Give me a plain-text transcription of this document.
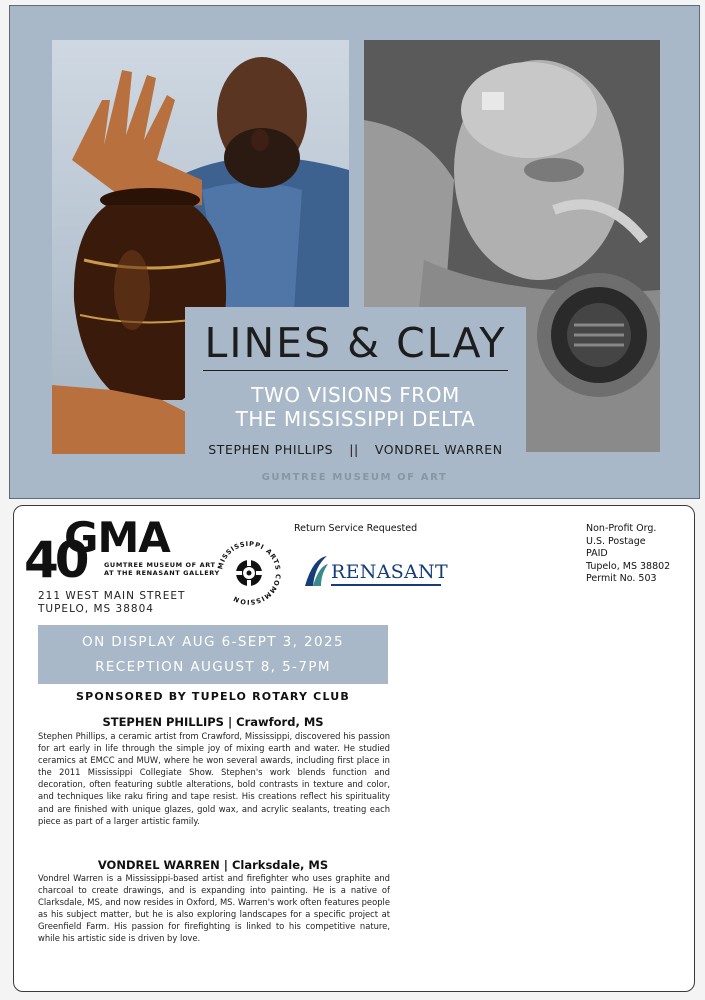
LINES & CLAY
TWO VISIONS FROM
THE MISSISSIPPI DELTA
STEPHEN PHILLIPS || VONDREL WARREN
GUMTREE MUSEUM OF ART
40
GMA
GUMTREE MUSEUM OF ART
AT THE RENASANT GALLERY
211 WEST MAIN STREET
TUPELO, MS 38804
Return Service Requested
MISSISSIPPI ARTS COMMISSION
RENASANT
Non-Profit Org.
U.S. Postage
PAID
Tupelo, MS 38802
Permit No. 503
ON DISPLAY AUG 6-SEPT 3, 2025
RECEPTION AUGUST 8, 5-7PM
SPONSORED BY TUPELO ROTARY CLUB
STEPHEN PHILLIPS | Crawford, MS
Stephen Phillips, a ceramic artist from Crawford, Mississippi, discovered his passion for art early in life through the simple joy of mixing earth and water. He studied ceramics at EMCC and MUW, where he won several awards, including first place in the 2011 Mississippi Collegiate Show. Stephen's work blends function and decoration, often featuring subtle alterations, bold contrasts in texture and color, and techniques like raku firing and tape resist. His creations reflect his spirituality and are finished with unique glazes, gold wax, and acrylic sealants, treating each piece as part of a larger artistic family.
VONDREL WARREN | Clarksdale, MS
Vondrel Warren is a Mississippi-based artist and firefighter who uses graphite and charcoal to create drawings, and is expanding into painting. He is a native of Clarksdale, MS, and now resides in Oxford, MS. Warren's work often features people as his subject matter, but he is also exploring landscapes for a specific project at Greenfield Farm. His passion for firefighting is linked to his competitive nature, while his artistic side is driven by love.
